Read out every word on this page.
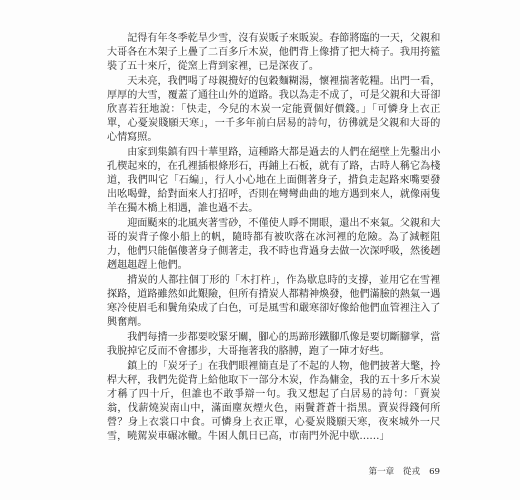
記得有年冬季乾旱少雪，沒有炭販子來販炭。春節將臨的一天，父親和大哥各在木架子上疊了二百多斤木炭，他們背上像揹了把大椅子。我用挎籃裝了五十來斤，從窯上背到家裡，已是深夜了。

天未亮，我們喝了母親攪好的包穀麵糊湯，懷裡揣著乾糧。出門一看，厚厚的大雪，覆蓋了通往山外的道路。我以為走不成了，可是父親和大哥卻欣喜若狂地說：「快走，今兒的木炭一定能賣個好價錢。」「可憐身上衣正單，心憂炭賤願天寒」，一千多年前白居易的詩句，彷彿就是父親和大哥的心情寫照。

由家到集鎮有四十華里路，這種路大都是過去的人們在絕壁上先鑿出小孔楔起來的，在孔裡插根條形石，再鋪上石板，就有了路，古時人稱它為棧道，我們叫它「石編」，行人小心地在上面側著身子，揹負走起路來嘴要發出吆喝聲，給對面來人打招呼，否則在彎彎曲曲的地方遇到來人，就像兩隻羊在獨木橋上相遇，誰也過不去。

迎面颳來的北風夾著雪砂，不僅使人睜不開眼，還出不來氣。父親和大哥的炭背子像小船上的帆，隨時都有被吹落在冰河裡的危險。為了減輕阻力，他們只能傴僂著身子側著走，我不時也背過身去做一次深呼吸，然後趔趔趄趄趕上他們。

揹炭的人都拄個丁形的「木打杵」，作為歇息時的支撐，並用它在雪裡探路，道路雖然如此艱險，但所有揹炭人都精神煥發，他們滿臉的熱氣一遇寒冷使眉毛和鬢角染成了白色，可是風雪和嚴寒卻好像給他們血管裡注入了興奮劑。

我們每揹一步都要咬緊牙關，腳心的馬蹄形鐵腳爪像是要切斷腳掌，當我脫掉它反而不會挪步，大哥拖著我的胳膊，跑了一陣才好些。

鎮上的「炭牙子」在我們眼裡簡直是了不起的人物，他們披著大氅，拎桿大秤，我們先從背上給他取下一部分木炭，作為傭金，我的五十多斤木炭才稱了四十斤，但誰也不敢爭辯一句。我又想起了白居易的詩句：「賣炭翁，伐薪燒炭南山中，滿面塵灰煙火色，兩鬢蒼蒼十指黑。賣炭得錢何所營？身上衣裳口中食。可憐身上衣正單，心憂炭賤願天寒，夜來城外一尺雪，曉駕炭車碾冰轍。牛困人飢日已高，市南門外泥中歇……」

第一章　從戎 69
